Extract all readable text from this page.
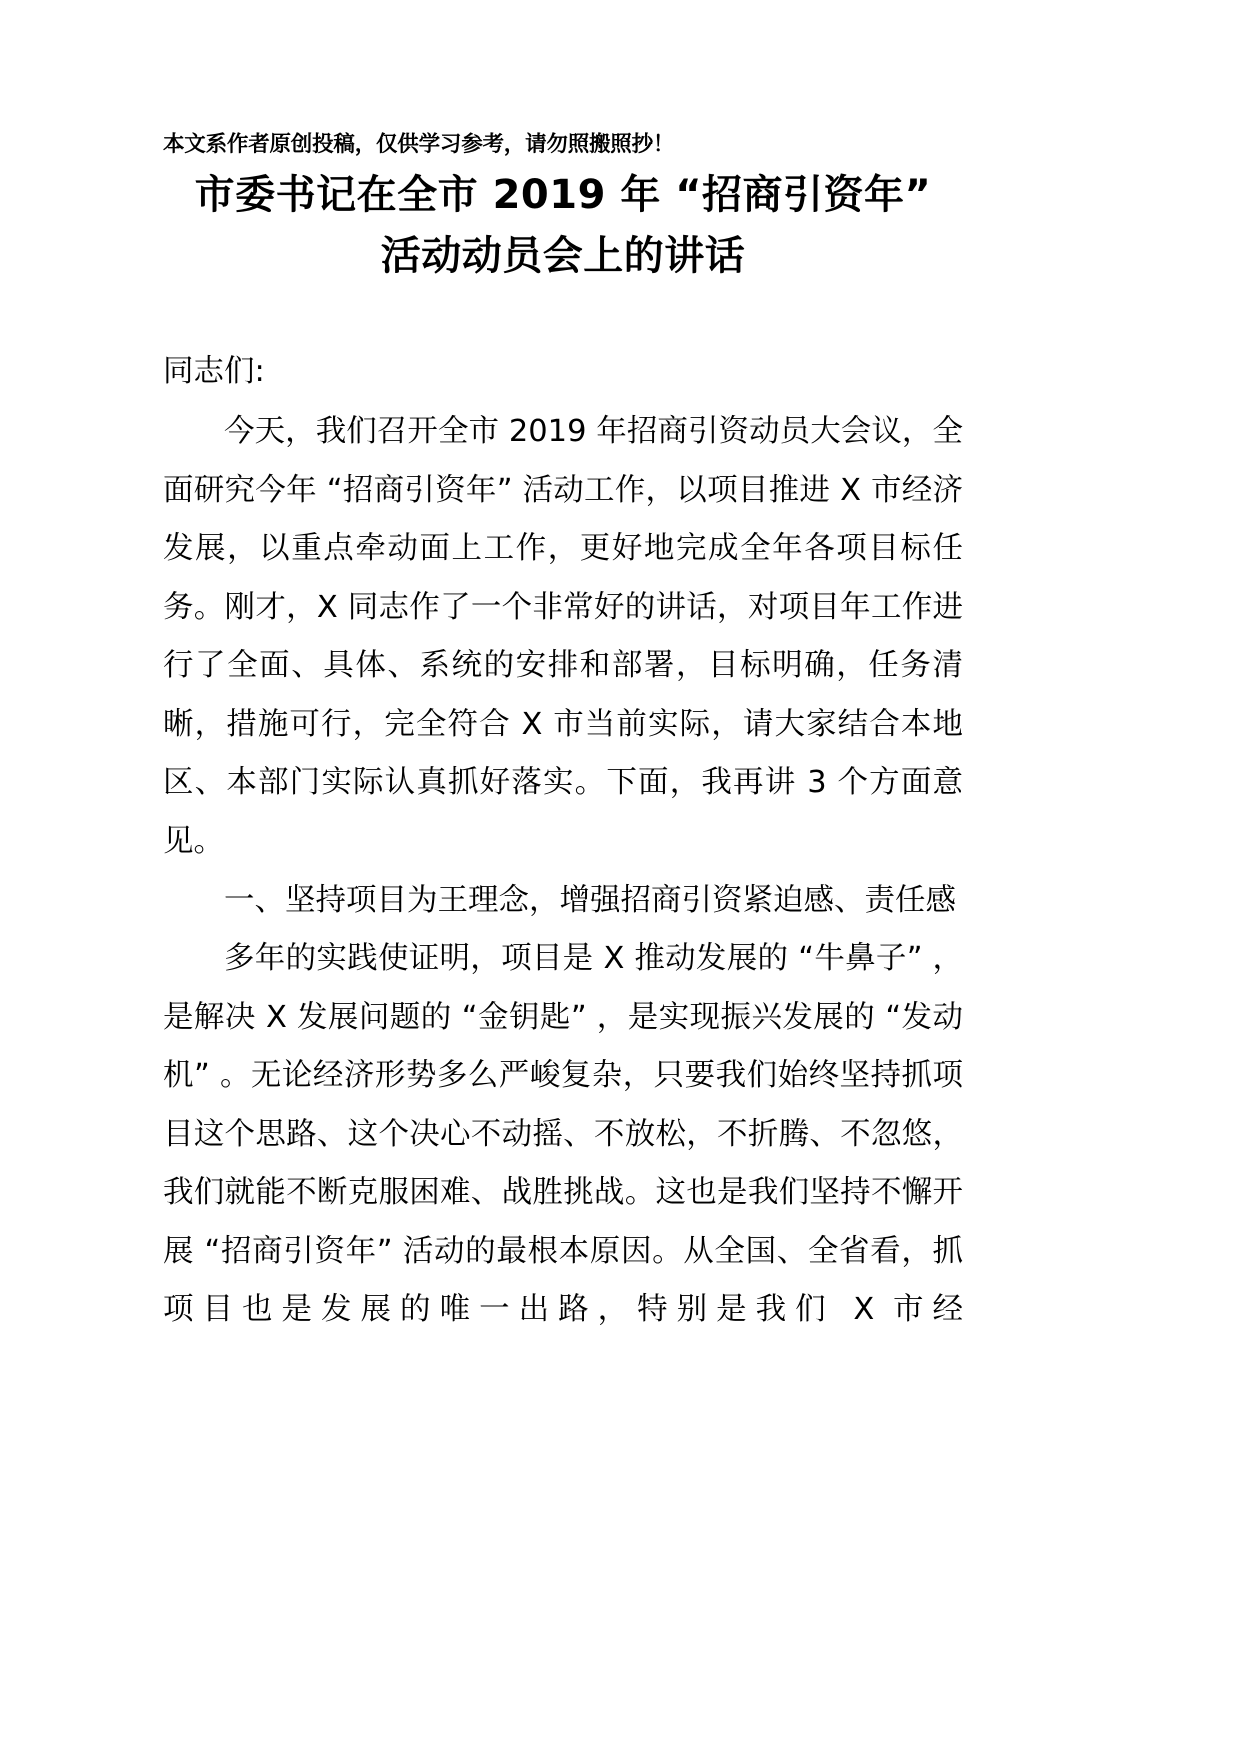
本文系作者原创投稿，仅供学习参考，请勿照搬照抄！
市委书记在全市 2019 年 “招商引资年”
活动动员会上的讲话

同志们:

今天，我们召开全市 2019 年招商引资动员大会议，全面研究今年 “招商引资年” 活动工作，以项目推进 X 市经济发展，以重点牵动面上工作，更好地完成全年各项目标任务。刚才，X 同志作了一个非常好的讲话，对项目年工作进行了全面、具体、系统的安排和部署，目标明确，任务清晰，措施可行，完全符合 X 市当前实际，请大家结合本地区、本部门实际认真抓好落实。下面，我再讲 3 个方面意见。

一、坚持项目为王理念，增强招商引资紧迫感、责任感

多年的实践使证明，项目是 X 推动发展的 “牛鼻子” ，是解决 X 发展问题的 “金钥匙” ，是实现振兴发展的 “发动机” 。无论经济形势多么严峻复杂，只要我们始终坚持抓项目这个思路、这个决心不动摇、不放松，不折腾、不忽悠，我们就能不断克服困难、战胜挑战。这也是我们坚持不懈开展 “招商引资年” 活动的最根本原因。从全国、全省看，抓项目也是发展的唯一出路，特别是我们 X 市经
